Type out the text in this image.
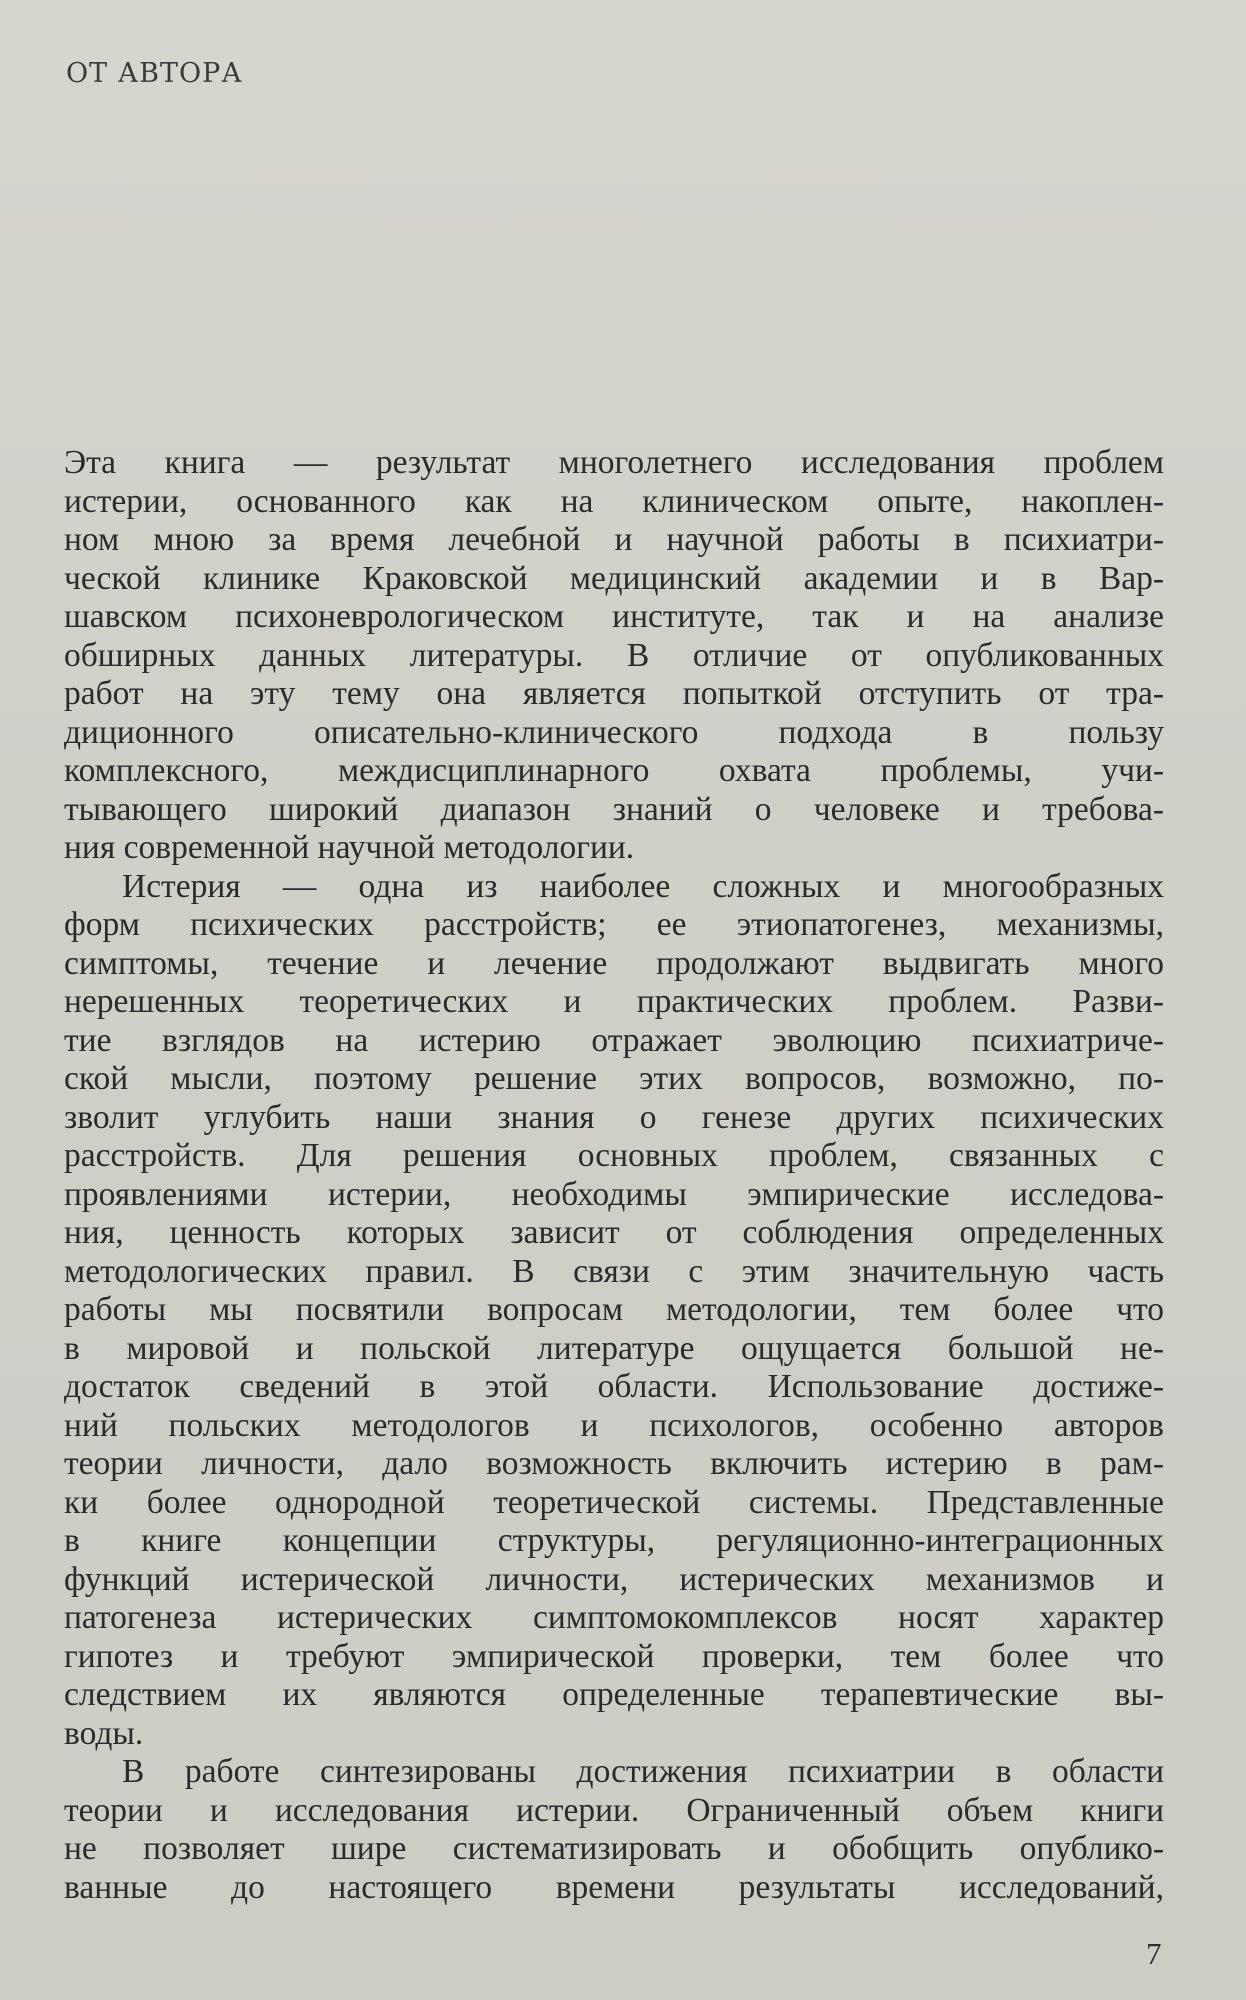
ОТ АВТОРА
Эта книга — результат многолетнего исследования проблем
истерии, основанного как на клиническом опыте, накоплен-
ном мною за время лечебной и научной работы в психиатри-
ческой клинике Краковской медицинский академии и в Вар-
шавском психоневрологическом институте, так и на анализе
обширных данных литературы. В отличие от опубликованных
работ на эту тему она является попыткой отступить от тра-
диционного описательно-клинического подхода в пользу
комплексного, междисциплинарного охвата проблемы, учи-
тывающего широкий диапазон знаний о человеке и требова-
ния современной научной методологии.
Истерия — одна из наиболее сложных и многообразных
форм психических расстройств; ее этиопатогенез, механизмы,
симптомы, течение и лечение продолжают выдвигать много
нерешенных теоретических и практических проблем. Разви-
тие взглядов на истерию отражает эволюцию психиатриче-
ской мысли, поэтому решение этих вопросов, возможно, по-
зволит углубить наши знания о генезе других психических
расстройств. Для решения основных проблем, связанных с
проявлениями истерии, необходимы эмпирические исследова-
ния, ценность которых зависит от соблюдения определенных
методологических правил. В связи с этим значительную часть
работы мы посвятили вопросам методологии, тем более что
в мировой и польской литературе ощущается большой не-
достаток сведений в этой области. Использование достиже-
ний польских методологов и психологов, особенно авторов
теории личности, дало возможность включить истерию в рам-
ки более однородной теоретической системы. Представленные
в книге концепции структуры, регуляционно-интеграционных
функций истерической личности, истерических механизмов и
патогенеза истерических симптомокомплексов носят характер
гипотез и требуют эмпирической проверки, тем более что
следствием их являются определенные терапевтические вы-
воды.
В работе синтезированы достижения психиатрии в области
теории и исследования истерии. Ограниченный объем книги
не позволяет шире систематизировать и обобщить опублико-
ванные до настоящего времени результаты исследований,
7
